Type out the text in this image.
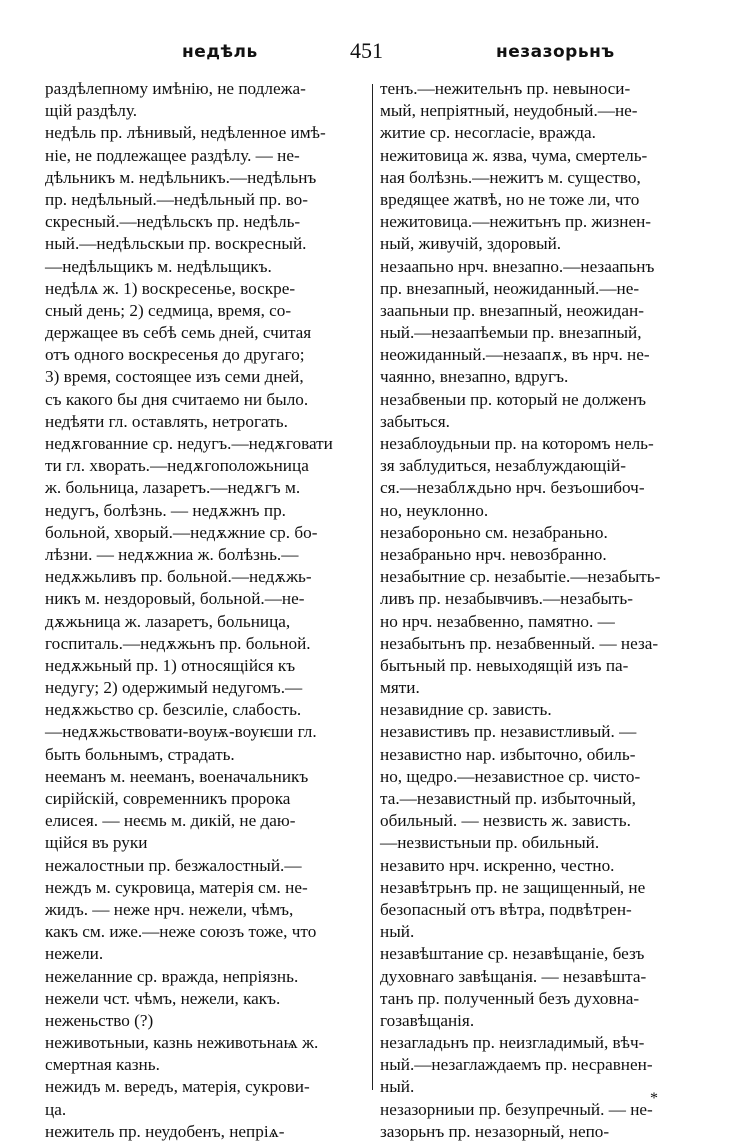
недѣль	451	незазорьнъ
раздѣлепному имѣнію, не подлежа-
щій раздѣлу.
недѣль пр. лѣнивый, недѣленное имѣ-
ніе, не подлежащее раздѣлу. — не-
дѣльникъ м. недѣльникъ.—недѣльнъ
пр. недѣльный.—недѣльный пр. во-
скресный.—недѣльскъ пр. недѣль-
ный.—недѣльскыи пр. воскресный.
—недѣльщикъ м. недѣльщикъ.
недѣлѧ ж. 1) воскресенье, воскре-
сный день; 2) седмица, время, со-
держащее въ себѣ семь дней, считая
отъ одного воскресенья до другаго;
3) время, состоящее изъ семи дней,
съ какого бы дня считаемо ни было.
недѣяти гл. оставлять, нетрогать.
недѫгованние ср. недугъ.—недѫговати
ти гл. хворать.—недѫгоположьница
ж. больница, лазаретъ.—недѫгъ м.
недугъ, болѣзнь. — недѫжнъ пр.
больной, хворый.—недѫжние ср. бо-
лѣзни. — недѫжниа ж. болѣзнь.—
недѫжьливъ пр. больной.—недѫжь-
никъ м. нездоровый, больной.—не-
дѫжьница ж. лазаретъ, больница,
госпиталь.—недѫжьнъ пр. больной.
недѫжьный пр. 1) относящійся къ
недугу; 2) одержимый недугомъ.—
недѫжьство ср. безсиліе, слабость.
—недѫжьствовати-воуѭ-воуѥши гл.
быть больнымъ, страдать.
нееманъ м. нееманъ, военачальникъ
сирійскій, современникъ пророка
елисея. — неємь м. дикій, не даю-
щійся въ руки
нежалостныи пр. безжалостный.—
неждъ м. сукровица, матерія см. не-
жидъ. — неже нрч. нежели, чѣмъ,
какъ см. иже.—неже союзъ тоже, что
нежели.
нежеланние ср. вражда, непріязнь.
нежели чст. чѣмъ, нежели, какъ.
неженьство (?)
неживотьныи, казнь неживотьнаѩ ж.
смертная казнь.
нежидъ м. вередъ, матерія, сукрови-
ца.
нежитель пр. неудобенъ, непріѧ-
тенъ.—нежительнъ пр. невыноси-
мый, непріятный, неудобный.—не-
житие ср. несогласіе, вражда.
нежитовица ж. язва, чума, смертель-
ная болѣзнь.—нежитъ м. существо,
вредящее жатвѣ, но не тоже ли, что
нежитовица.—нежитьнъ пр. жизнен-
ный, живучій, здоровый.
незаапьно нрч. внезапно.—незаапьнъ
пр. внезапный, неожиданный.—не-
заапьныи пр. внезапный, неожидан-
ный.—незаапѣемыи пр. внезапный,
неожиданный.—незаапѫ, въ нрч. не-
чаянно, внезапно, вдругъ.
незабвеныи пр. который не долженъ
забыться.
незаблоудьныи пр. на которомъ нель-
зя заблудиться, незаблуждающій-
ся.—незаблѫдьно нрч. безъошибоч-
но, неуклонно.
незабороньно см. незабраньно.
незабраньно нрч. невозбранно.
незабытние ср. незабытіе.—незабыть-
ливъ пр. незабывчивъ.—незабыть-
но нрч. незабвенно, памятно. —
незабытьнъ пр. незабвенный. — неза-
бытьный пр. невыходящій изъ па-
мяти.
незавидние ср. зависть.
независтивъ пр. независтливый. —
независтно нар. избыточно, обиль-
но, щедро.—независтное ср. чисто-
та.—независтный пр. избыточный,
обильный. — незвисть ж. зависть.
—незвистьныи пр. обильный.
незавито нрч. искренно, честно.
незавѣтрьнъ пр. не защищенный, не
безопасный отъ вѣтра, подвѣтрен-
ный.
незавѣштание ср. незавѣщаніе, безъ
духовнаго завѣщанія. — незавѣшта-
танъ пр. полученный безъ духовна-
гозавѣщанія.
незагладьнъ пр. неизгладимый, вѣч-
ный.—незаглаждаемъ пр. несравнен-
ный.
незазорниыи пр. безупречный. — не-
зазорьнъ пр. незазорный, непо-
*
